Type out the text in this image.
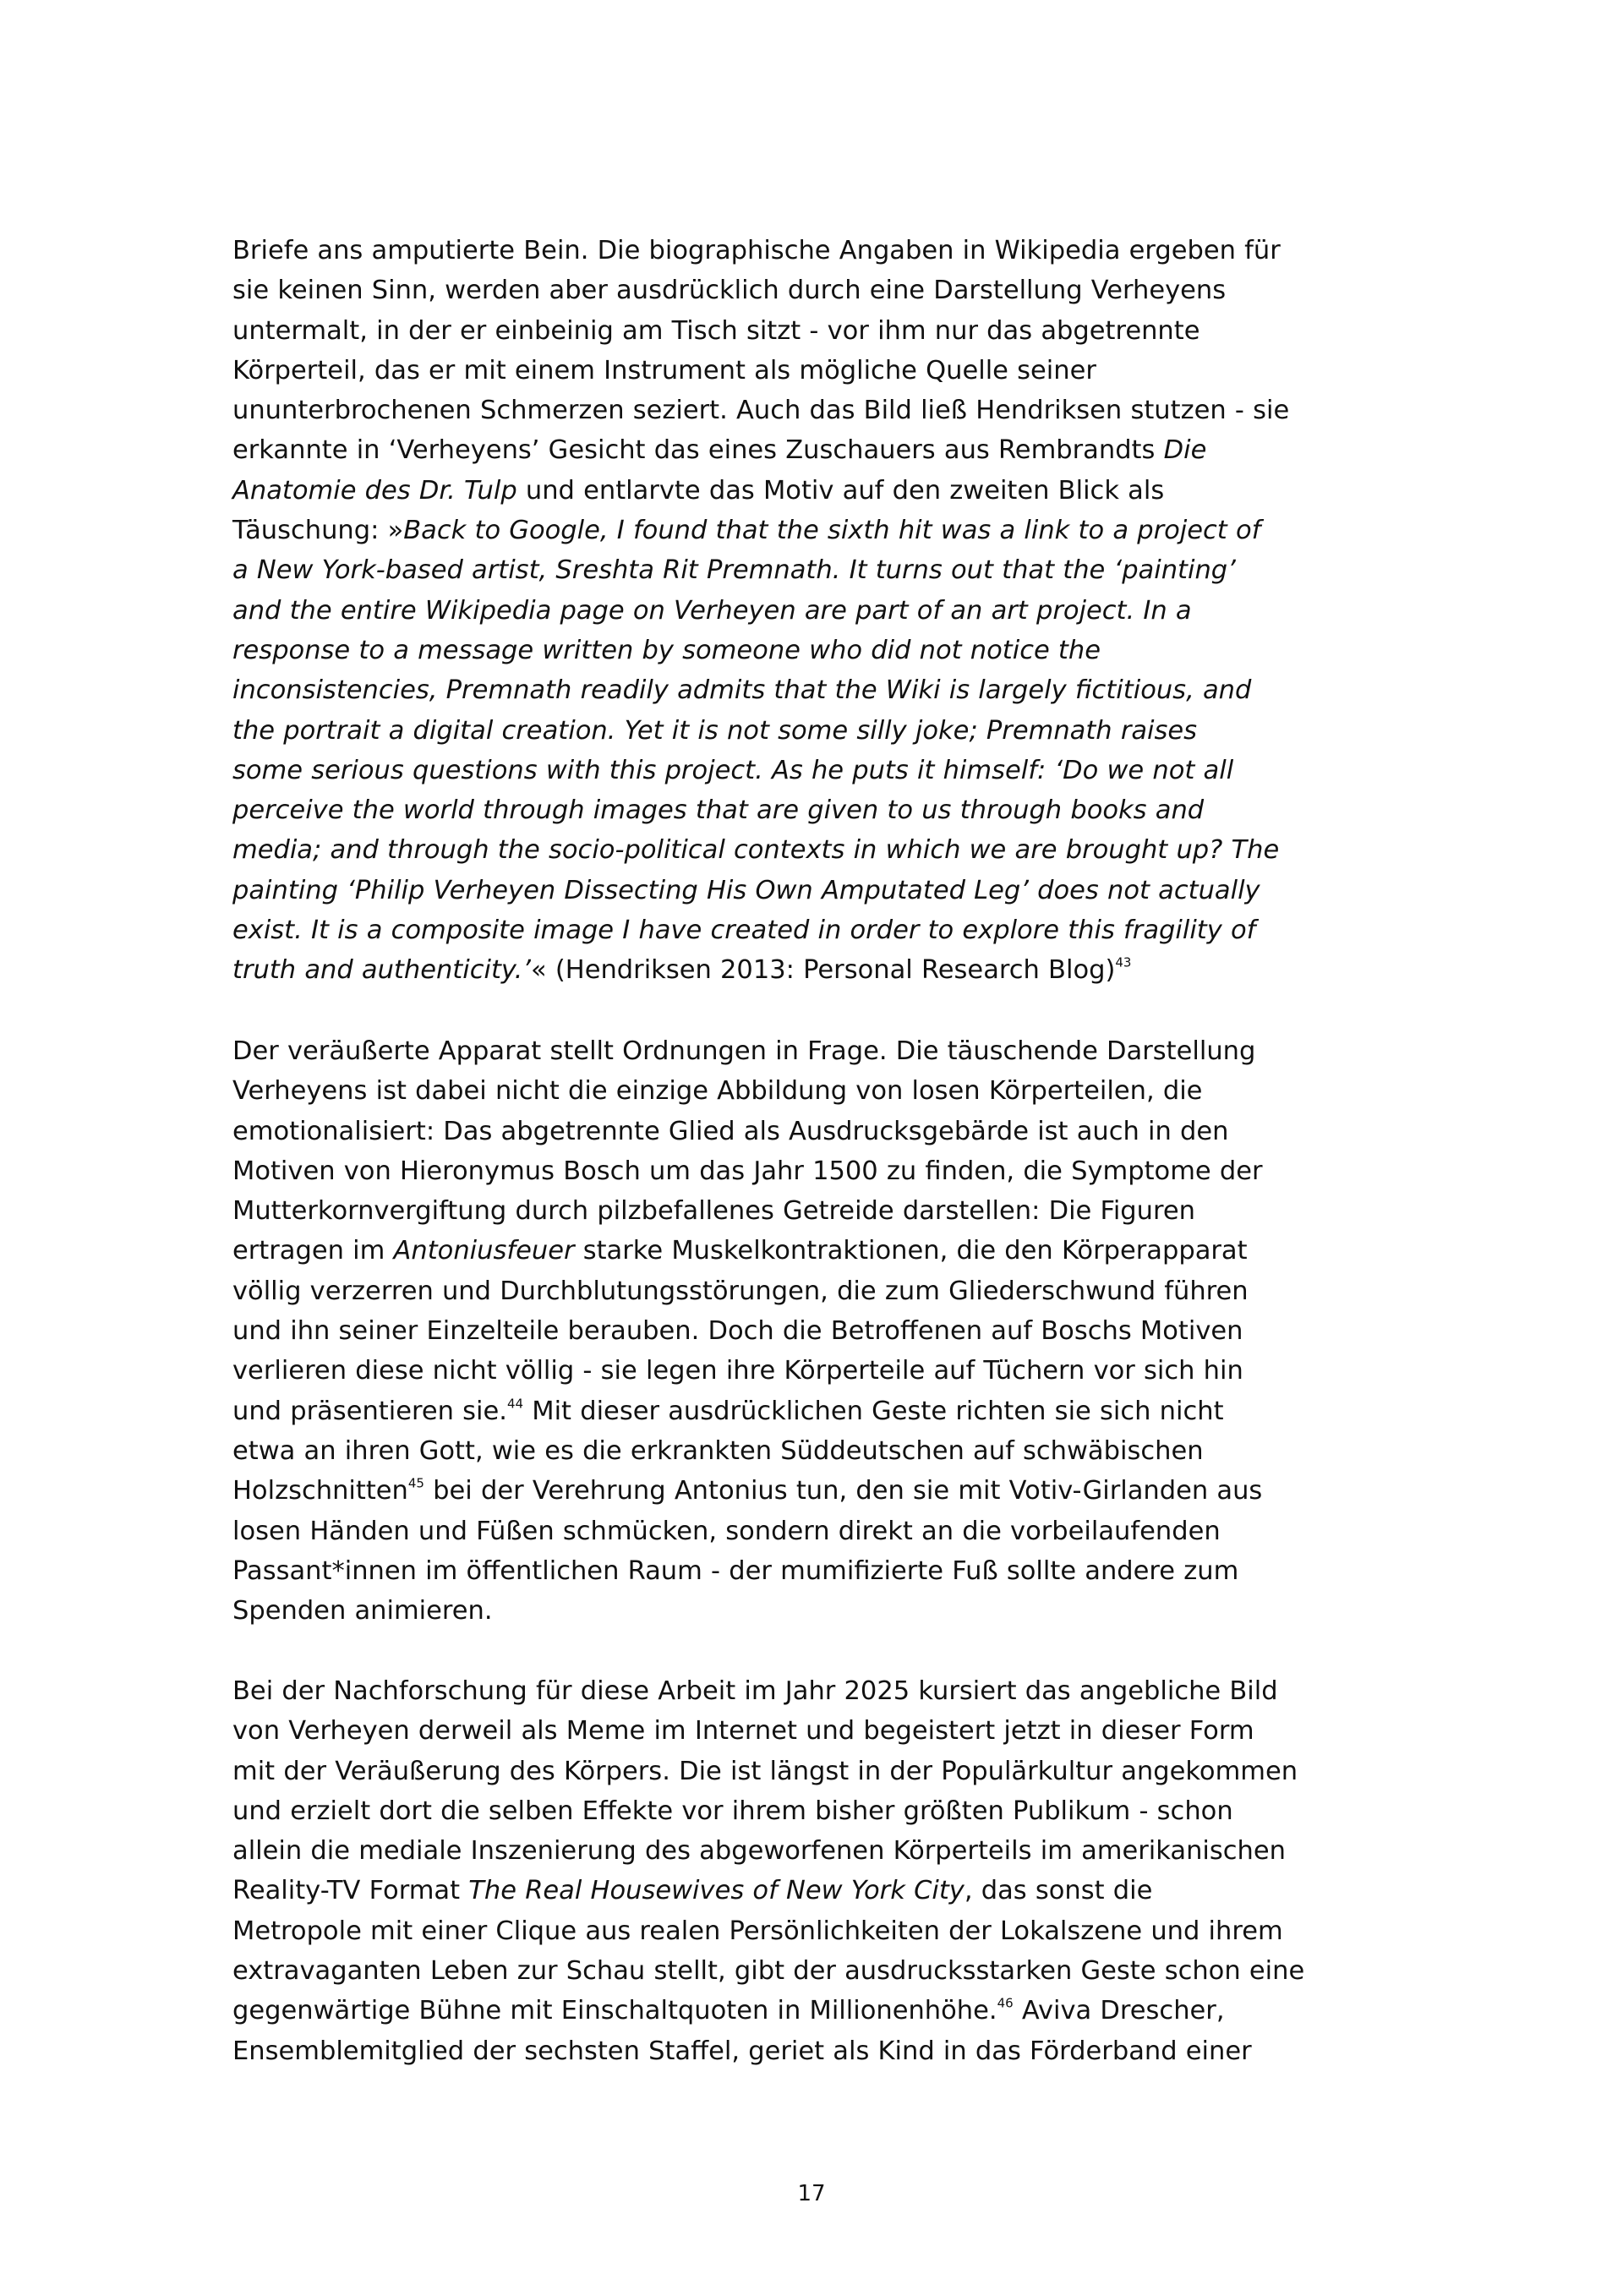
Briefe ans amputierte Bein. Die biographische Angaben in Wikipedia ergeben für
sie keinen Sinn, werden aber ausdrücklich durch eine Darstellung Verheyens
untermalt, in der er einbeinig am Tisch sitzt - vor ihm nur das abgetrennte
Körperteil, das er mit einem Instrument als mögliche Quelle seiner
ununterbrochenen Schmerzen seziert. Auch das Bild ließ Hendriksen stutzen - sie
erkannte in ‘Verheyens’ Gesicht das eines Zuschauers aus Rembrandts Die
Anatomie des Dr. Tulp und entlarvte das Motiv auf den zweiten Blick als
Täuschung: »Back to Google, I found that the sixth hit was a link to a project of
a New York-based artist, Sreshta Rit Premnath. It turns out that the ‘painting’
and the entire Wikipedia page on Verheyen are part of an art project. In a
response to a message written by someone who did not notice the
inconsistencies, Premnath readily admits that the Wiki is largely fictitious, and
the portrait a digital creation. Yet it is not some silly joke; Premnath raises
some serious questions with this project. As he puts it himself: ‘Do we not all
perceive the world through images that are given to us through books and
media; and through the socio-political contexts in which we are brought up? The
painting ‘Philip Verheyen Dissecting His Own Amputated Leg’ does not actually
exist. It is a composite image I have created in order to explore this fragility of
truth and authenticity.’« (Hendriksen 2013: Personal Research Blog)$^{43}$
Der veräußerte Apparat stellt Ordnungen in Frage. Die täuschende Darstellung
Verheyens ist dabei nicht die einzige Abbildung von losen Körperteilen, die
emotionalisiert: Das abgetrennte Glied als Ausdrucksgebärde ist auch in den
Motiven von Hieronymus Bosch um das Jahr 1500 zu finden, die Symptome der
Mutterkornvergiftung durch pilzbefallenes Getreide darstellen: Die Figuren
ertragen im Antoniusfeuer starke Muskelkontraktionen, die den Körperapparat
völlig verzerren und Durchblutungsstörungen, die zum Gliederschwund führen
und ihn seiner Einzelteile berauben. Doch die Betroffenen auf Boschs Motiven
verlieren diese nicht völlig - sie legen ihre Körperteile auf Tüchern vor sich hin
und präsentieren sie.$^{44}$ Mit dieser ausdrücklichen Geste richten sie sich nicht
etwa an ihren Gott, wie es die erkrankten Süddeutschen auf schwäbischen
Holzschnitten$^{45}$ bei der Verehrung Antonius tun, den sie mit Votiv-Girlanden aus
losen Händen und Füßen schmücken, sondern direkt an die vorbeilaufenden
Passant*innen im öffentlichen Raum - der mumifizierte Fuß sollte andere zum
Spenden animieren.
Bei der Nachforschung für diese Arbeit im Jahr 2025 kursiert das angebliche Bild
von Verheyen derweil als Meme im Internet und begeistert jetzt in dieser Form
mit der Veräußerung des Körpers. Die ist längst in der Populärkultur angekommen
und erzielt dort die selben Effekte vor ihrem bisher größten Publikum - schon
allein die mediale Inszenierung des abgeworfenen Körperteils im amerikanischen
Reality-TV Format The Real Housewives of New York City, das sonst die
Metropole mit einer Clique aus realen Persönlichkeiten der Lokalszene und ihrem
extravaganten Leben zur Schau stellt, gibt der ausdrucksstarken Geste schon eine
gegenwärtige Bühne mit Einschaltquoten in Millionenhöhe.$^{46}$ Aviva Drescher,
Ensemblemitglied der sechsten Staffel, geriet als Kind in das Förderband einer
17
